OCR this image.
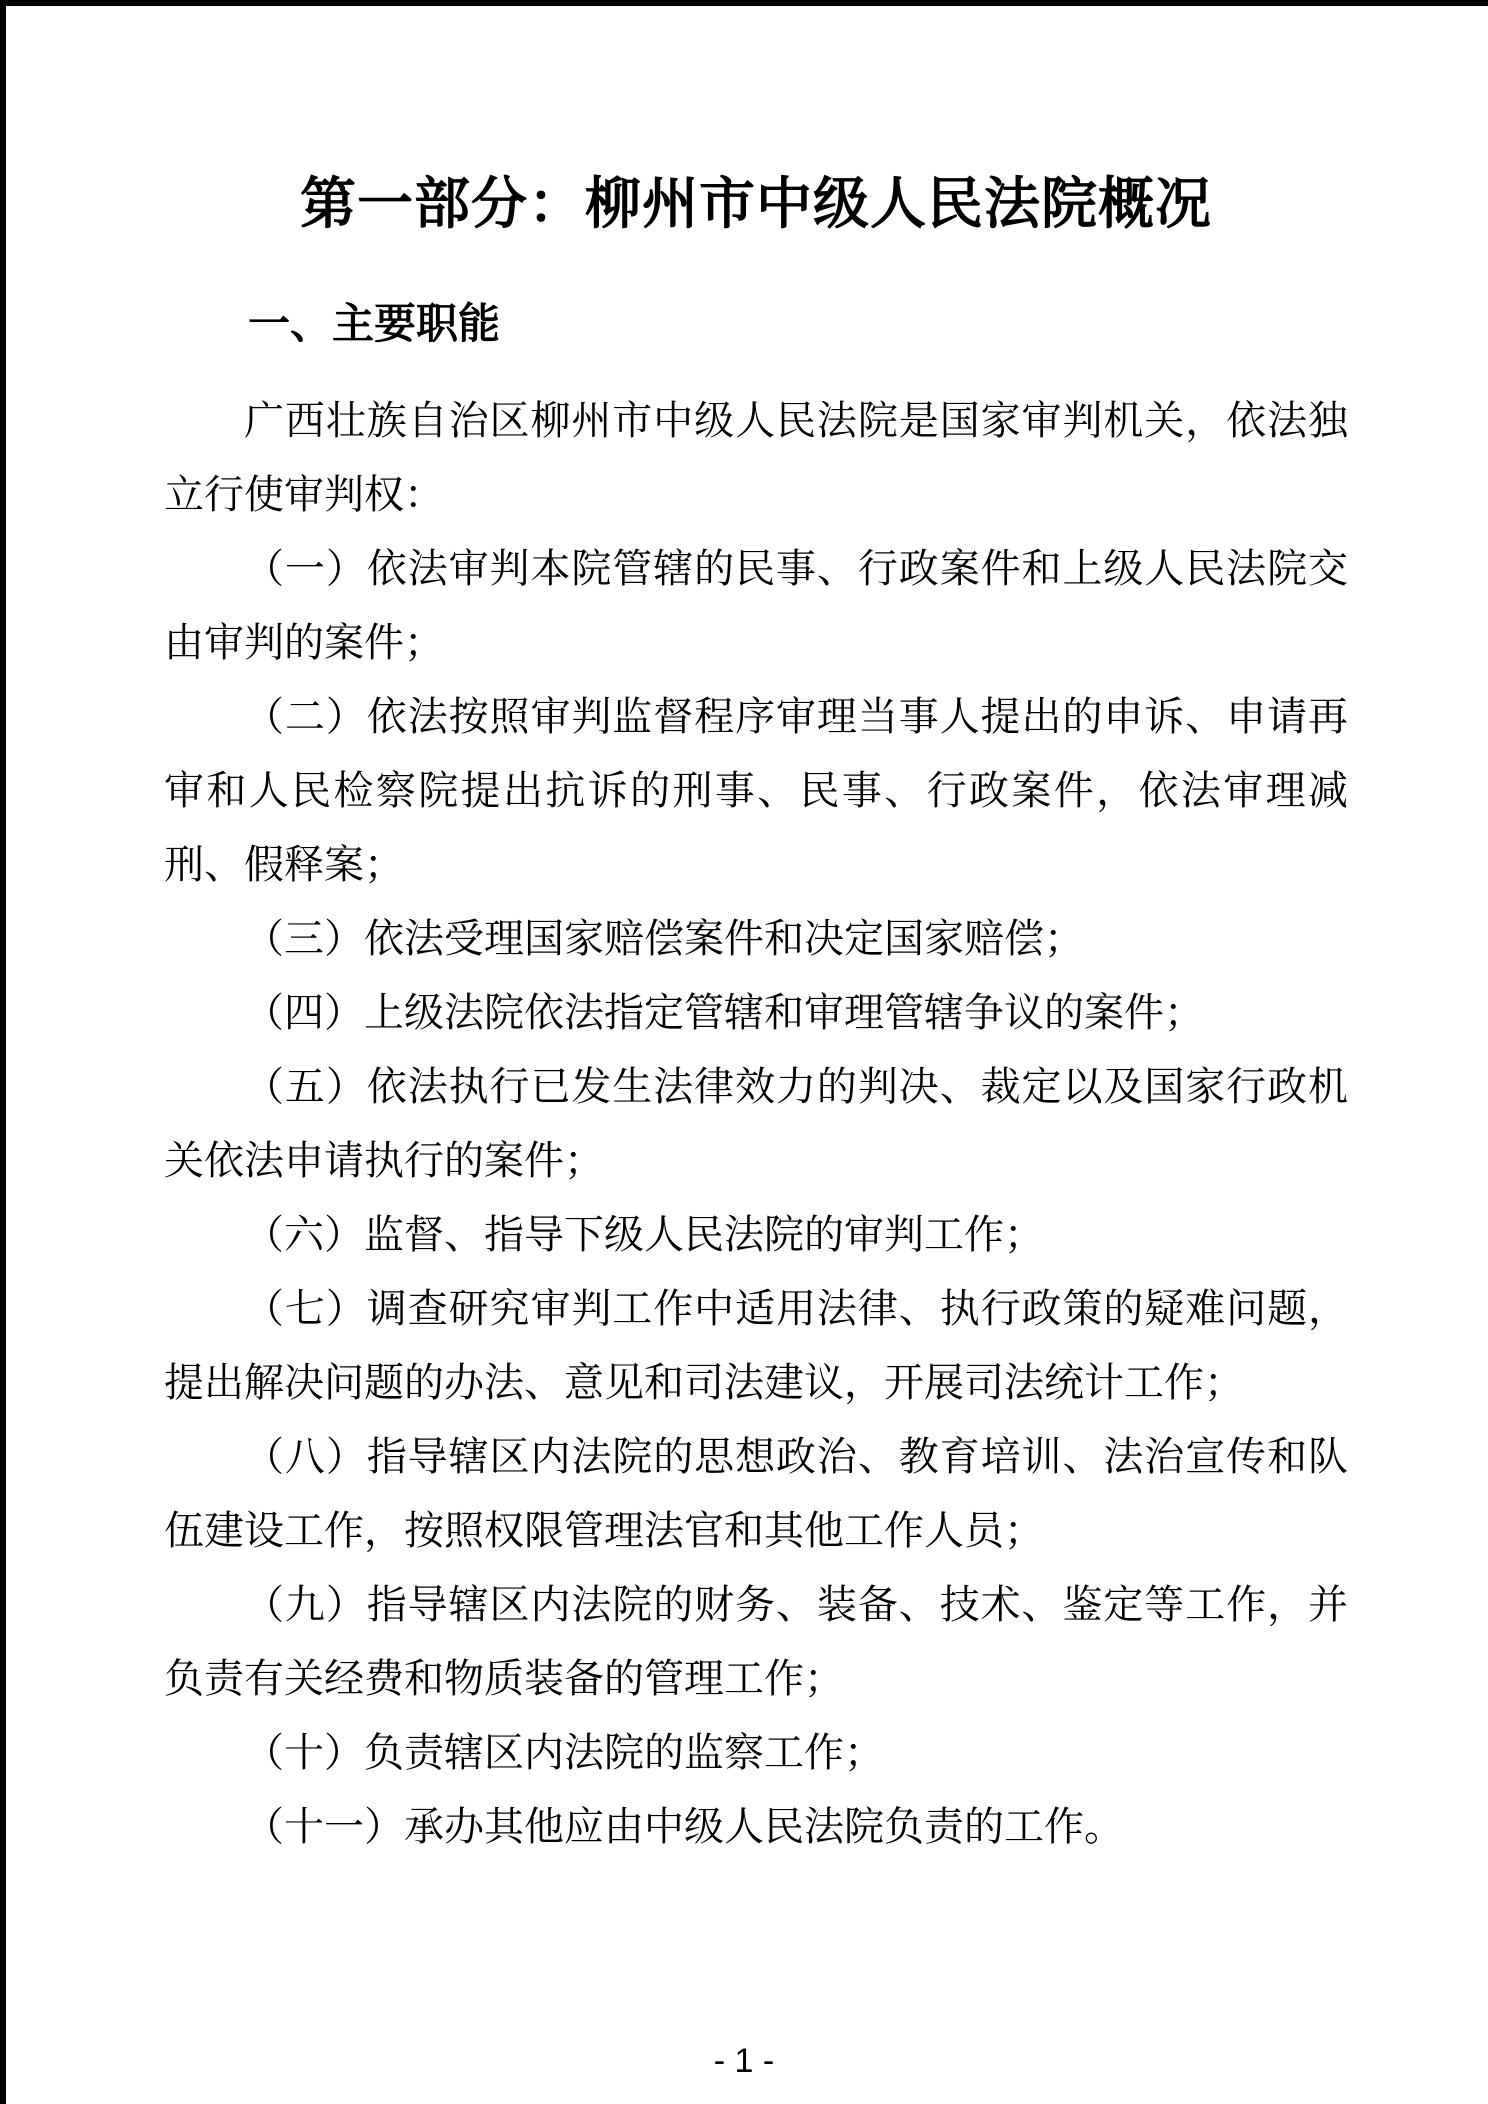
第一部分：柳州市中级人民法院概况
一、主要职能

广西壮族自治区柳州市中级人民法院是国家审判机关，依法独立行使审判权：

（一）依法审判本院管辖的民事、行政案件和上级人民法院交由审判的案件；

（二）依法按照审判监督程序审理当事人提出的申诉、申请再审和人民检察院提出抗诉的刑事、民事、行政案件，依法审理减刑、假释案；

（三）依法受理国家赔偿案件和决定国家赔偿；

（四）上级法院依法指定管辖和审理管辖争议的案件；

（五）依法执行已发生法律效力的判决、裁定以及国家行政机关依法申请执行的案件；

（六）监督、指导下级人民法院的审判工作；

（七）调查研究审判工作中适用法律、执行政策的疑难问题，提出解决问题的办法、意见和司法建议，开展司法统计工作；

（八）指导辖区内法院的思想政治、教育培训、法治宣传和队伍建设工作，按照权限管理法官和其他工作人员；

（九）指导辖区内法院的财务、装备、技术、鉴定等工作，并负责有关经费和物质装备的管理工作；

（十）负责辖区内法院的监察工作；

（十一）承办其他应由中级人民法院负责的工作。

- 1 -
